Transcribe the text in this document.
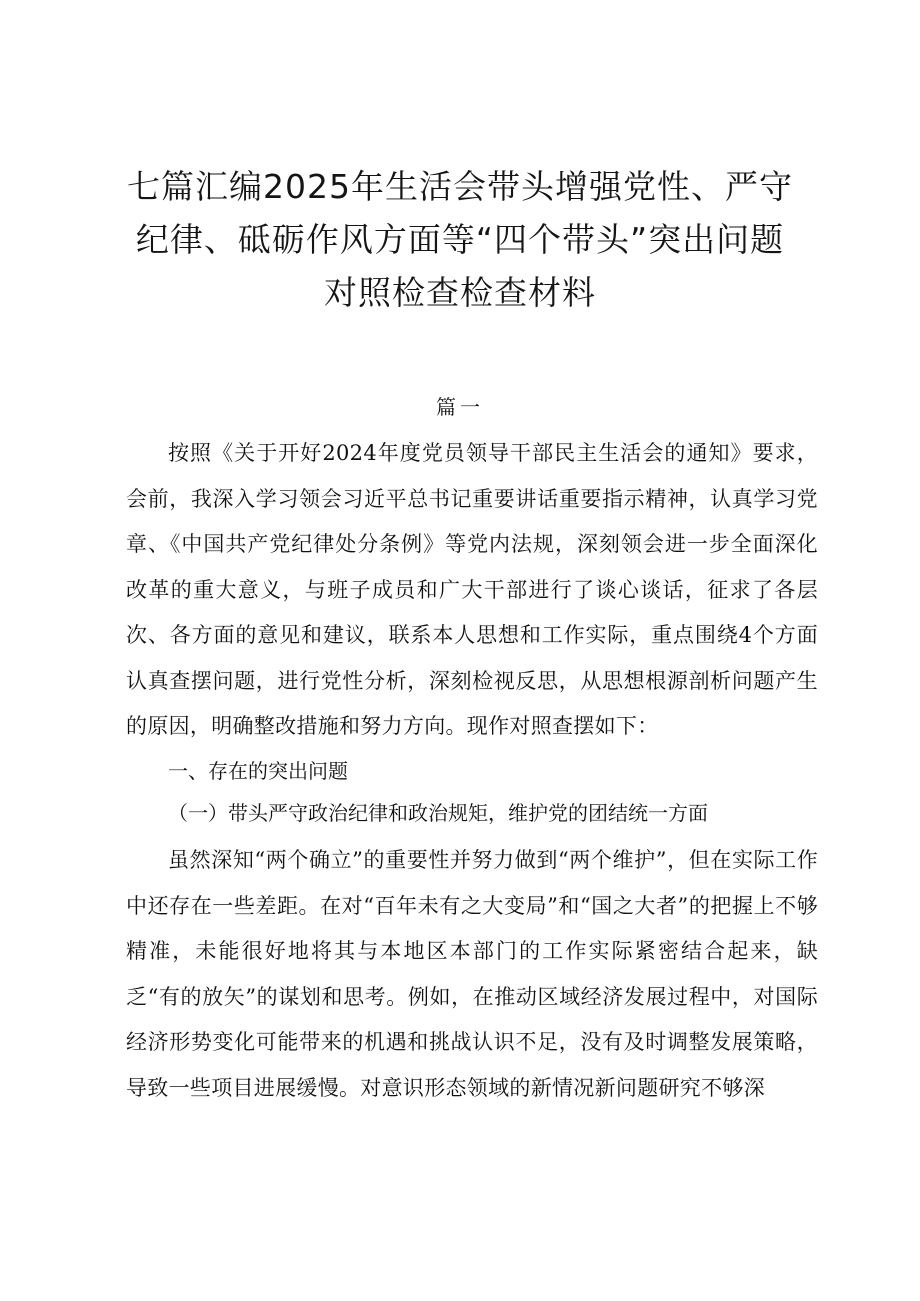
七篇汇编2025年生活会带头增强党性、严守
纪律、砥砺作风方面等“四个带头”突出问题
对照检查检查材料
篇一
按照《关于开好2024年度党员领导干部民主生活会的通知》要求，会前，我深入学习领会习近平总书记重要讲话重要指示精神，认真学习党章、《中国共产党纪律处分条例》等党内法规，深刻领会进一步全面深化改革的重大意义，与班子成员和广大干部进行了谈心谈话，征求了各层次、各方面的意见和建议，联系本人思想和工作实际，重点围绕4个方面认真查摆问题，进行党性分析，深刻检视反思，从思想根源剖析问题产生的原因，明确整改措施和努力方向。现作对照查摆如下：
一、存在的突出问题
（一）带头严守政治纪律和政治规矩，维护党的团结统一方面
虽然深知“两个确立”的重要性并努力做到“两个维护”，但在实际工作中还存在一些差距。在对“百年未有之大变局”和“国之大者”的把握上不够精准，未能很好地将其与本地区本部门的工作实际紧密结合起来，缺乏“有的放矢”的谋划和思考。例如，在推动区域经济发展过程中，对国际经济形势变化可能带来的机遇和挑战认识不足，没有及时调整发展策略，导致一些项目进展缓慢。对意识形态领域的新情况新问题研究不够深
